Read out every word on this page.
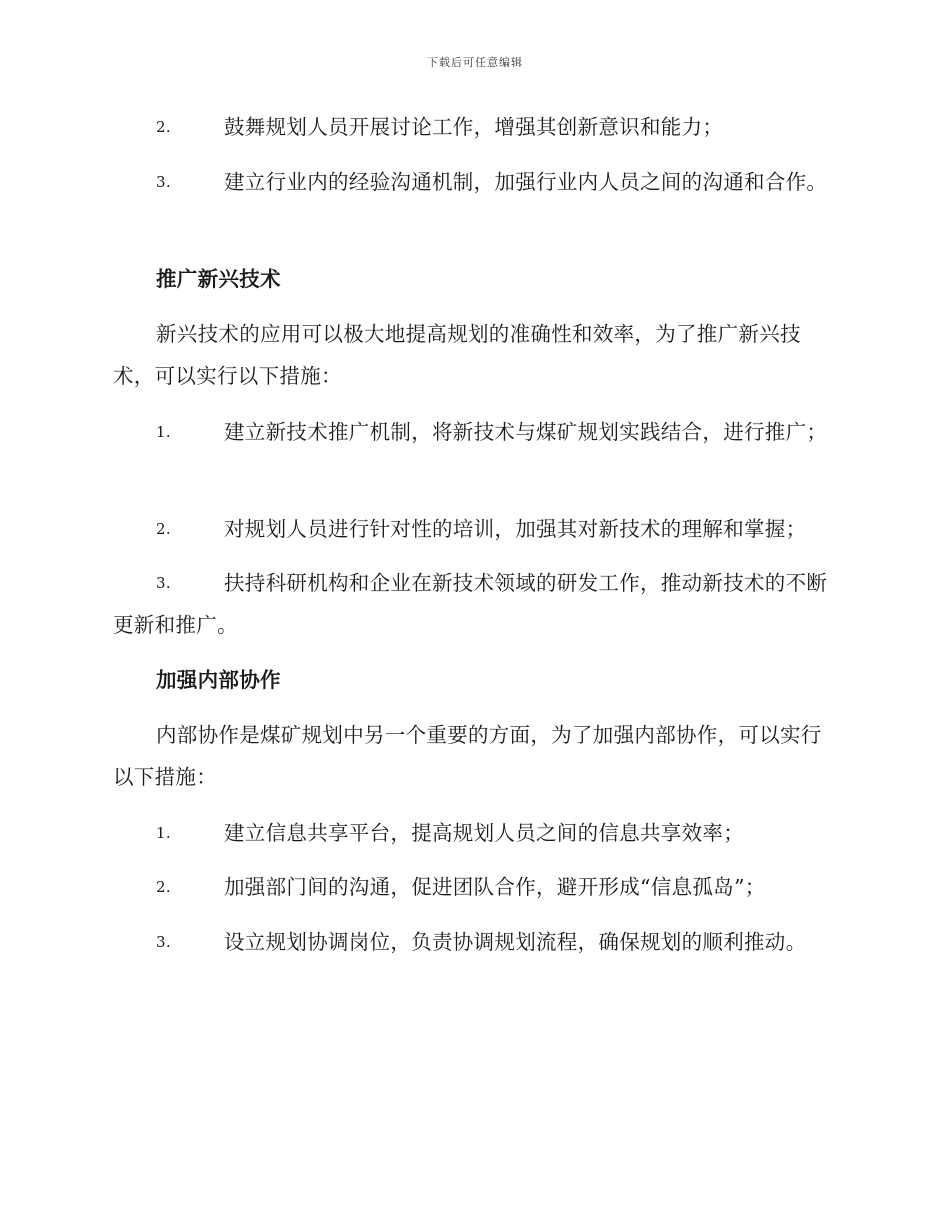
下载后可任意编辑
2.	鼓舞规划人员开展讨论工作，增强其创新意识和能力；
3.	建立行业内的经验沟通机制，加强行业内人员之间的沟通和合作。
推广新兴技术
新兴技术的应用可以极大地提高规划的准确性和效率，为了推广新兴技术，可以实行以下措施：
1.	建立新技术推广机制，将新技术与煤矿规划实践结合，进行推广；
2.	对规划人员进行针对性的培训，加强其对新技术的理解和掌握；
3.	扶持科研机构和企业在新技术领域的研发工作，推动新技术的不断更新和推广。
加强内部协作
内部协作是煤矿规划中另一个重要的方面，为了加强内部协作，可以实行以下措施：
1.	建立信息共享平台，提高规划人员之间的信息共享效率；
2.	加强部门间的沟通，促进团队合作，避开形成“信息孤岛”；
3.	设立规划协调岗位，负责协调规划流程，确保规划的顺利推动。
